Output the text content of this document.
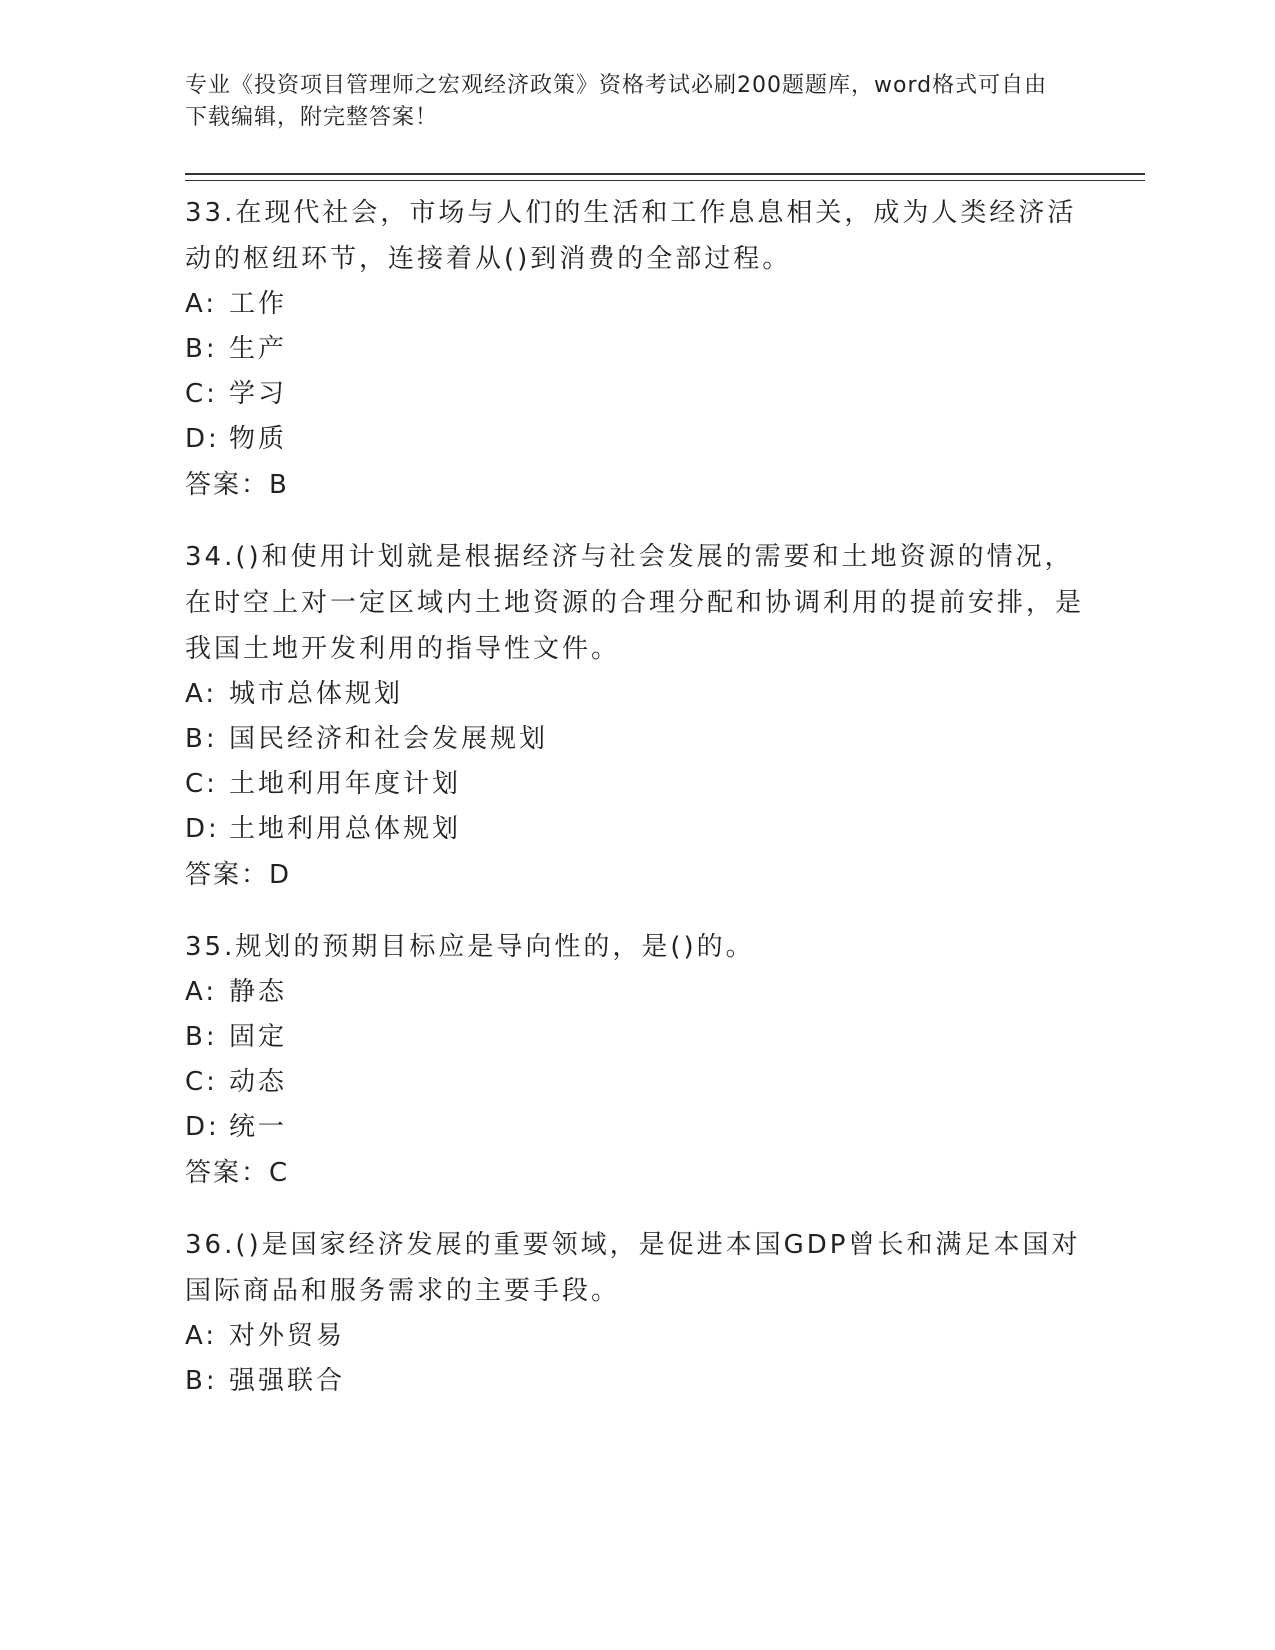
专业《投资项目管理师之宏观经济政策》资格考试必刷200题题库，word格式可自由下载编辑，附完整答案！

33.在现代社会，市场与人们的生活和工作息息相关，成为人类经济活动的枢纽环节，连接着从()到消费的全部过程。

A: 工作

B: 生产

C: 学习

D: 物质

答案：B

34.()和使用计划就是根据经济与社会发展的需要和土地资源的情况，在时空上对一定区域内土地资源的合理分配和协调利用的提前安排，是我国土地开发利用的指导性文件。

A: 城市总体规划

B: 国民经济和社会发展规划

C: 土地利用年度计划

D: 土地利用总体规划

答案：D

35.规划的预期目标应是导向性的，是()的。

A: 静态

B: 固定

C: 动态

D: 统一

答案：C

36.()是国家经济发展的重要领域，是促进本国GDP曾长和满足本国对国际商品和服务需求的主要手段。

A: 对外贸易

B: 强强联合
